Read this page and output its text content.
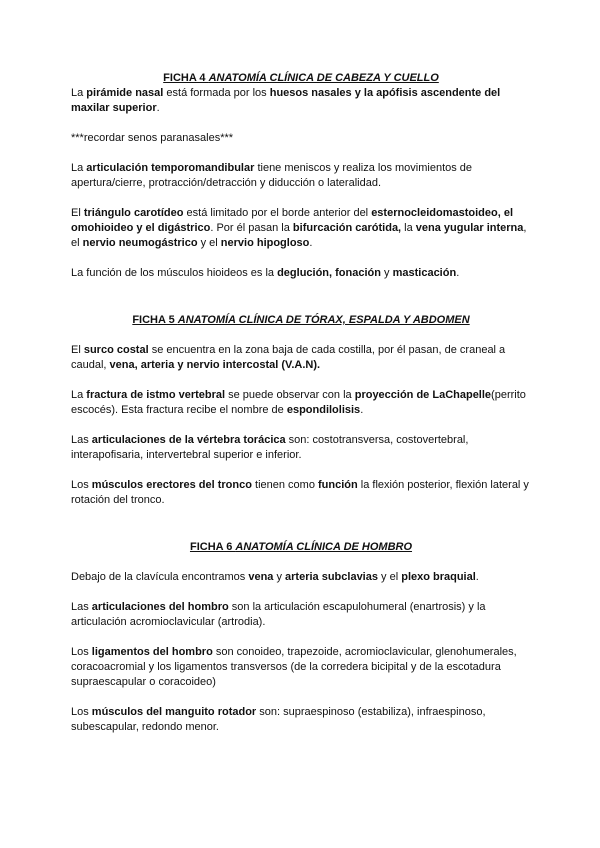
FICHA 4 ANATOMÍA CLÍNICA DE CABEZA Y CUELLO

La pirámide nasal está formada por los huesos nasales y la apófisis ascendente del maxilar superior.

***recordar senos paranasales***

La articulación temporomandibular tiene meniscos y realiza los movimientos de apertura/cierre, protracción/detracción y diducción o lateralidad.

El triángulo carotídeo está limitado por el borde anterior del esternocleidomastoideo, el omohioideo y el digástrico. Por él pasan la bifurcación carótida, la vena yugular interna, el nervio neumogástrico y el nervio hipogloso.

La función de los músculos hioideos es la deglución, fonación y masticación.

FICHA 5 ANATOMÍA CLÍNICA DE TÓRAX, ESPALDA Y ABDOMEN

El surco costal se encuentra en la zona baja de cada costilla, por él pasan, de craneal a caudal, vena, arteria y nervio intercostal (V.A.N).

La fractura de istmo vertebral se puede observar con la proyección de LaChapelle(perrito escocés). Esta fractura recibe el nombre de espondilolisis.

Las articulaciones de la vértebra torácica son: costotransversa, costovertebral, interapofisaria, intervertebral superior e inferior.

Los músculos erectores del tronco tienen como función la flexión posterior, flexión lateral y rotación del tronco.

FICHA 6 ANATOMÍA CLÍNICA DE HOMBRO

Debajo de la clavícula encontramos vena y arteria subclavias y el plexo braquial.

Las articulaciones del hombro son la articulación escapulohumeral (enartrosis) y la articulación acromioclavicular (artrodia).

Los ligamentos del hombro son conoideo, trapezoide, acromioclavicular, glenohumerales, coracoacromial y los ligamentos transversos (de la corredera bicipital y de la escotadura supraescapular o coracoideo)

Los músculos del manguito rotador son: supraespinoso (estabiliza), infraespinoso, subescapular, redondo menor.
